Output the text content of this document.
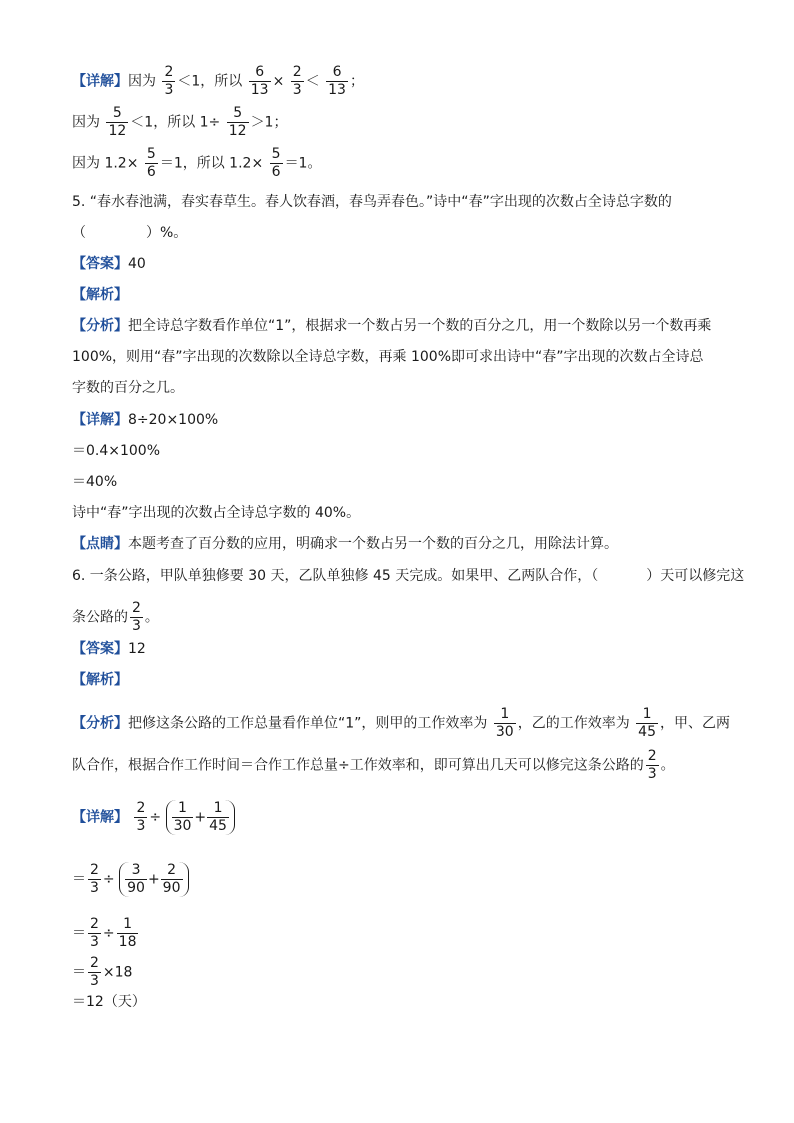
【详解】因为 $\frac{2}{3} <1$，所以 $\frac{6}{13} \times \frac{2}{3} < \frac{6}{13}$ ；
因为 $\frac{5}{12} <1$，所以 $1\div \frac{5}{12} >1$；
因为 $1.2\times \frac{5}{6} =1$，所以 $1.2\times \frac{5}{6} =1$。
5. “春水春池满，春实春草生。春人饮春酒，春鸟弄春色。”诗中“春”字出现的次数占全诗总字数的
（	）%。
【答案】40
【解析】
【分析】把全诗总字数看作单位“1”，根据求一个数占另一个数的百分之几，用一个数除以另一个数再乘
100%，则用“春”字出现的次数除以全诗总字数，再乘 100%即可求出诗中“春”字出现的次数占全诗总
字数的百分之几。
【详解】8÷20×100%
＝0.4×100%
＝40%
诗中“春”字出现的次数占全诗总字数的 40%。
【点睛】本题考查了百分数的应用，明确求一个数占另一个数的百分之几，用除法计算。
6. 一条公路，甲队单独修要 30 天，乙队单独修 45 天完成。如果甲、乙两队合作，（	）天可以修完这
条公路的 $\frac{2}{3}$ 。
【答案】12
【解析】
【分析】把修这条公路的工作总量看作单位“1”，则甲的工作效率为 $\frac{1}{30}$ ，乙的工作效率为 $\frac{1}{45}$ ，甲、乙两
队合作，根据合作工作时间＝合作工作总量÷工作效率和，即可算出几天可以修完这条公路的 $\frac{2}{3}$ 。
【详解】 $\frac{2}{3} \div \frac{1}{30} + \frac{1}{45}$
＝ $\frac{2}{3} \div \frac{3}{90} + \frac{2}{90}$
＝ $\frac{2}{3} \div \frac{1}{18}$
＝ $\frac{2}{3} \times 18$
＝12（天）
